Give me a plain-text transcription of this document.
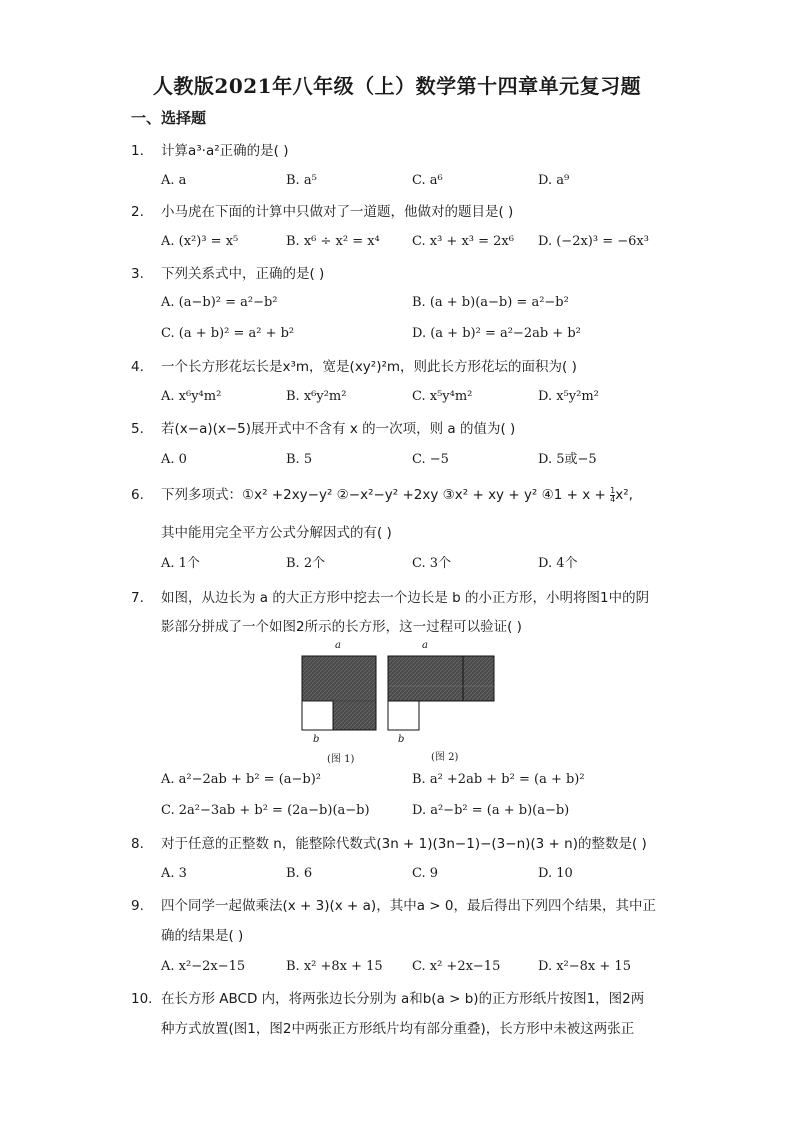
人教版2021年八年级（上）数学第十四章单元复习题
一、选择题
1. 计算a³·a²正确的是( )
A. a	B. a⁵	C. a⁶	D. a⁹
2. 小马虎在下面的计算中只做对了一道题，他做对的题目是( )
A. (x²)³ = x⁵	B. x⁶ ÷ x² = x⁴ C. x³ + x³ = 2x⁶ D. (−2x)³ = −6x³
3. 下列关系式中，正确的是( )
A. (a−b)² = a²−b²	B. (a + b)(a−b) = a²−b²
C. (a + b)² = a² + b²	D. (a + b)² = a²−2ab + b²
4. 一个长方形花坛长是x³m，宽是(xy²)²m，则此长方形花坛的面积为( )
A. x⁶y⁴m²	B. x⁶y²m²	C. x⁵y⁴m²	D. x⁵y²m²
5. 若(x−a)(x−5)展开式中不含有 x 的一次项，则 a 的值为( )
A. 0	B. 5	C. −5	D. 5或−5
6. 下列多项式：①x² +2xy−y² ②−x²−y² +2xy ③x² + xy + y² ④1 + $x + \frac{1}{4} x^2$,
其中能用完全平方公式分解因式的有( )
A. 1个	B. 2个	C. 3个	D. 4个
7. 如图，从边长为 a 的大正方形中挖去一个边长是 b 的小正方形，小明将图1中的阴
影部分拼成了一个如图2所示的长方形，这一过程可以验证( )
a	a
b	b
(图 1)	(图 2)
A. a²−2ab + b² = (a−b)²	B. a² +2ab + b² = (a + b)²
C. 2a²−3ab + b² = (2a−b)(a−b)	D. a²−b² = (a + b)(a−b)
8. 对于任意的正整数 n，能整除代数式(3n + 1)(3n−1)−(3−n)(3 + n)的整数是( )
A. 3	B. 6	C. 9	D. 10
9. 四个同学一起做乘法(x + 3)(x + a)，其中a > 0，最后得出下列四个结果，其中正
确的结果是( )
A. x²−2x−15	B. x² +8x + 15 C. x² +2x−15	D. x²−8x + 15
10. 在长方形 ABCD 内，将两张边长分别为 a和b(a > b)的正方形纸片按图1，图2两
种方式放置(图1，图2中两张正方形纸片均有部分重叠)，长方形中未被这两张正
